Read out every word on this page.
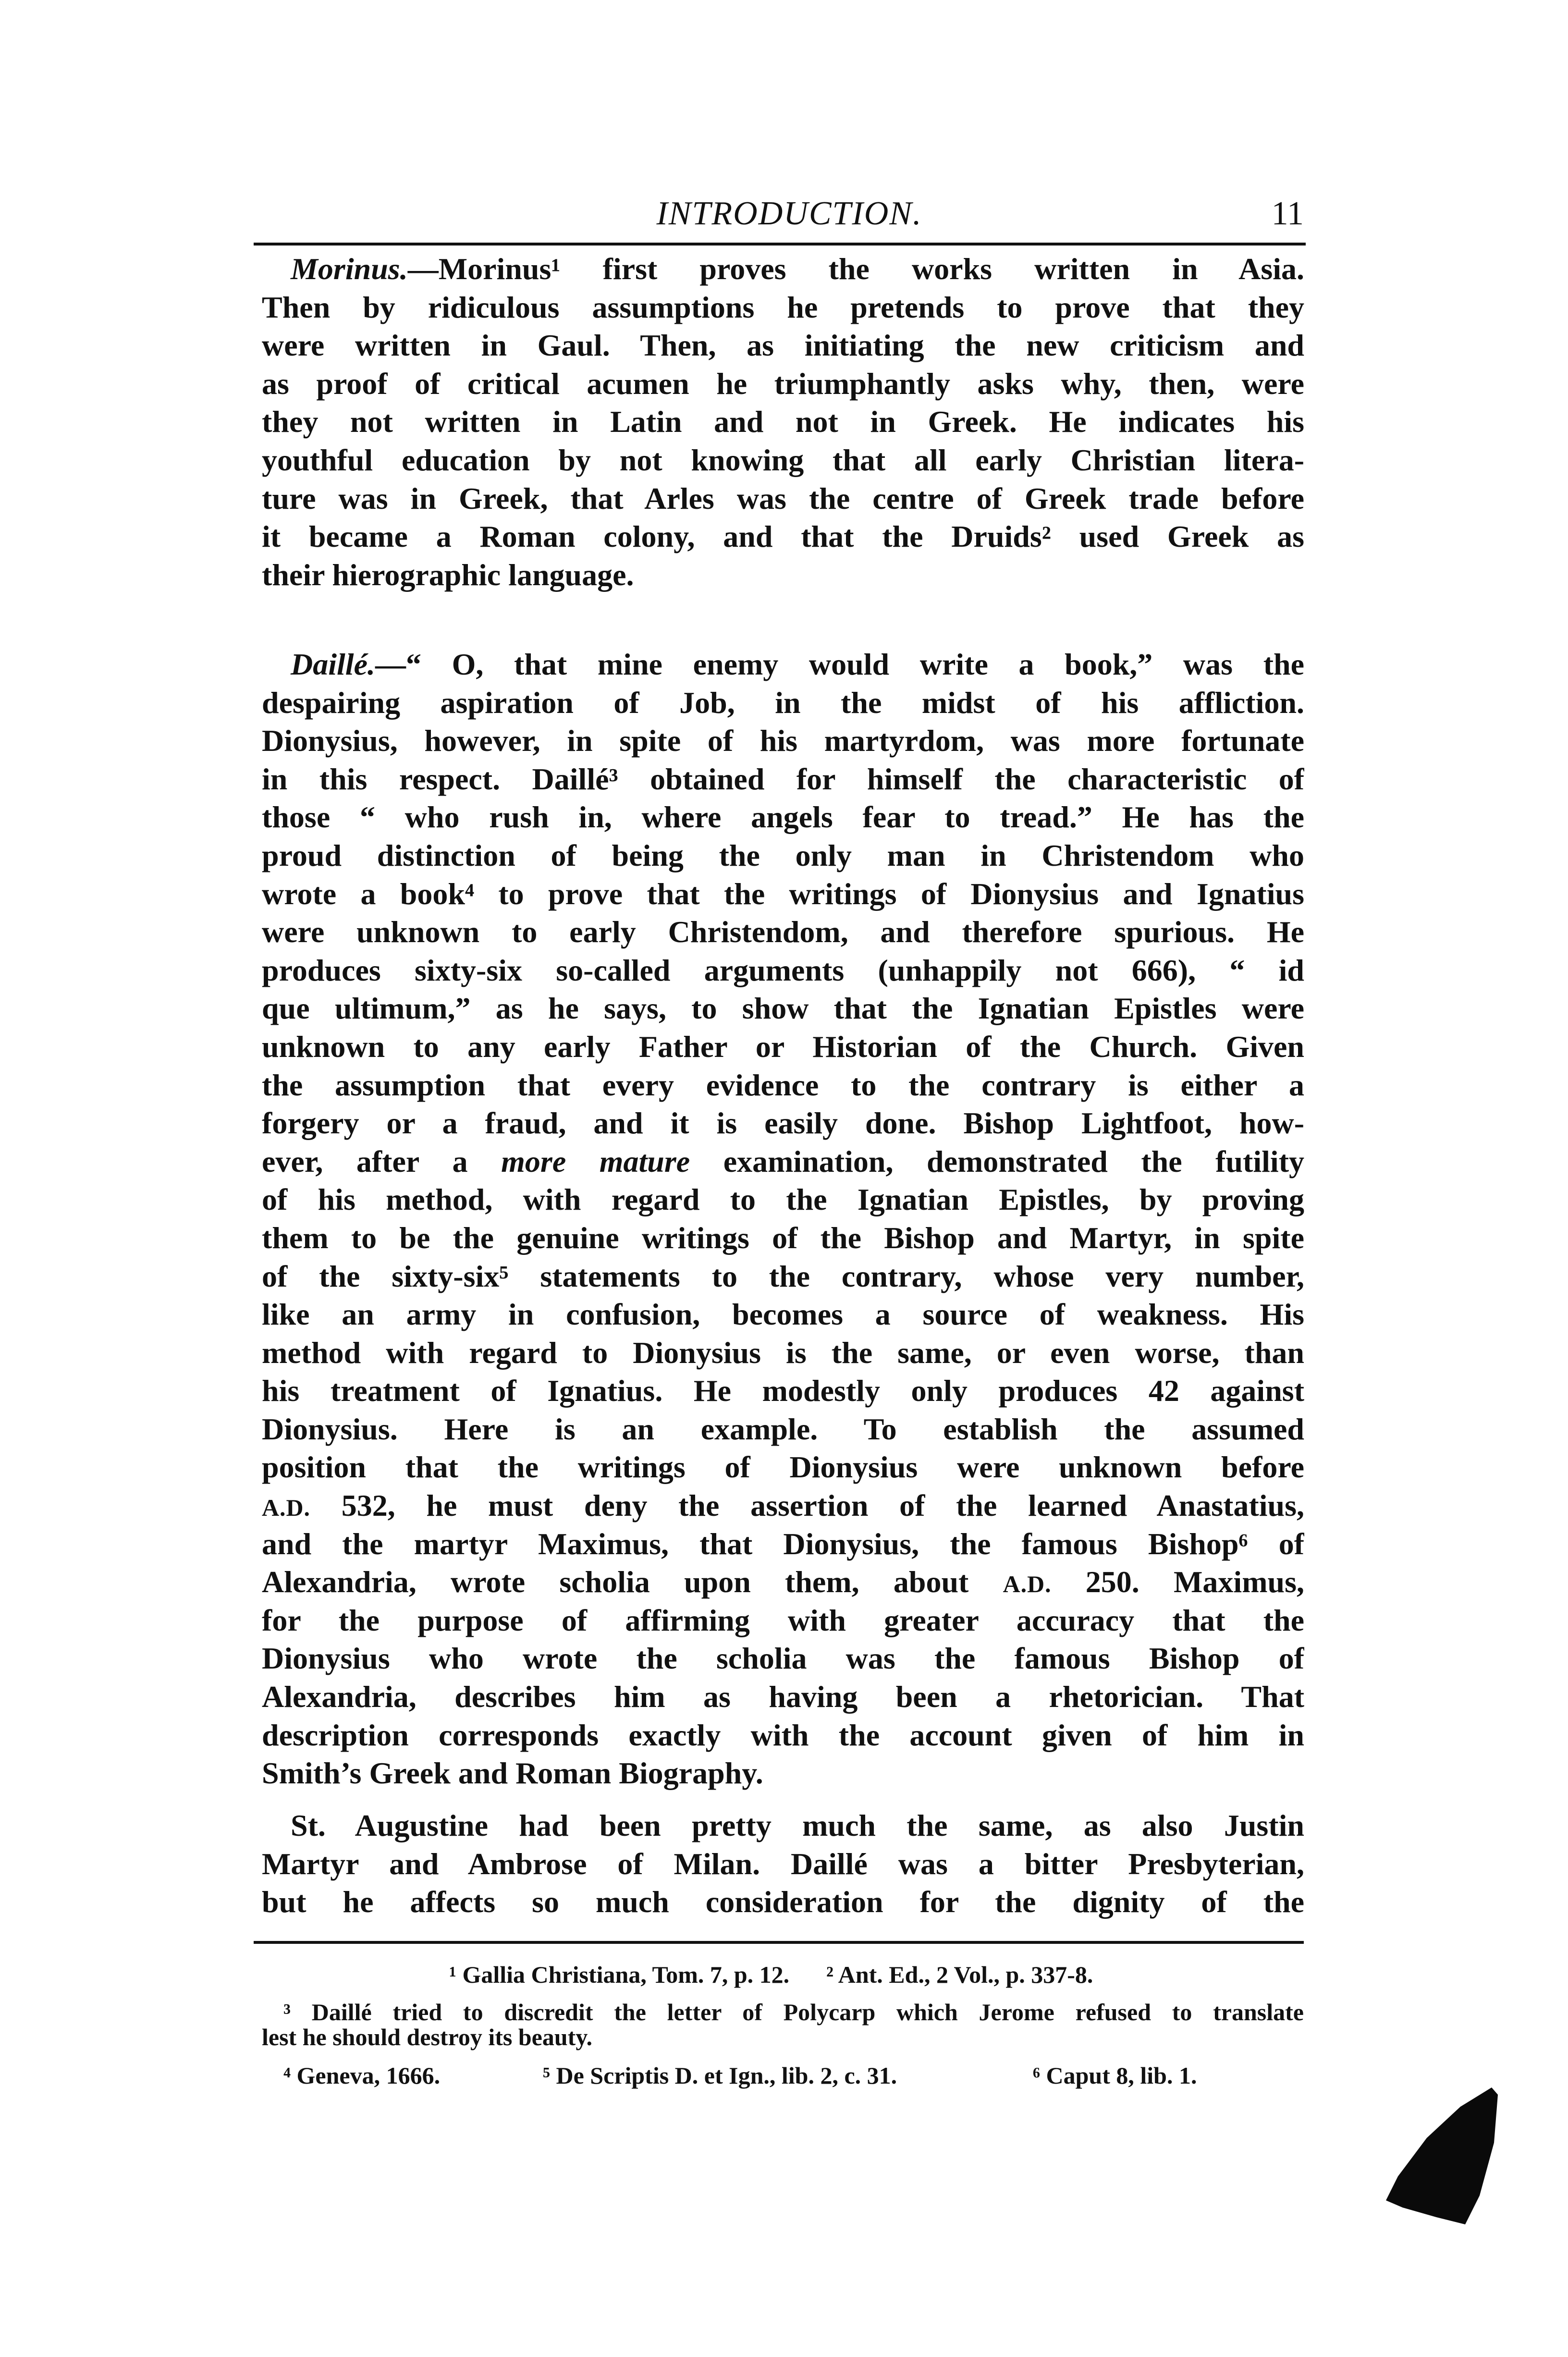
INTRODUCTION.	11
Morinus.—Morinus¹ first proves the works written in Asia.
Then by ridiculous assumptions he pretends to prove that they
were written in Gaul. Then, as initiating the new criticism and
as proof of critical acumen he triumphantly asks why, then, were
they not written in Latin and not in Greek. He indicates his
youthful education by not knowing that all early Christian litera-
ture was in Greek, that Arles was the centre of Greek trade before
it became a Roman colony, and that the Druids² used Greek as
their hierographic language.
Daillé.—“ O, that mine enemy would write a book,” was the
despairing aspiration of Job, in the midst of his affliction.
Dionysius, however, in spite of his martyrdom, was more fortunate
in this respect. Daillé³ obtained for himself the characteristic of
those “ who rush in, where angels fear to tread.” He has the
proud distinction of being the only man in Christendom who
wrote a book⁴ to prove that the writings of Dionysius and Ignatius
were unknown to early Christendom, and therefore spurious. He
produces sixty-six so-called arguments (unhappily not 666), “ id
que ultimum,” as he says, to show that the Ignatian Epistles were
unknown to any early Father or Historian of the Church. Given
the assumption that every evidence to the contrary is either a
forgery or a fraud, and it is easily done. Bishop Lightfoot, how-
ever, after a more mature examination, demonstrated the futility
of his method, with regard to the Ignatian Epistles, by proving
them to be the genuine writings of the Bishop and Martyr, in spite
of the sixty-six⁵ statements to the contrary, whose very number,
like an army in confusion, becomes a source of weakness. His
method with regard to Dionysius is the same, or even worse, than
his treatment of Ignatius. He modestly only produces 42 against
Dionysius. Here is an example. To establish the assumed
position that the writings of Dionysius were unknown before
A.D. 532, he must deny the assertion of the learned Anastatius,
and the martyr Maximus, that Dionysius, the famous Bishop⁶ of
Alexandria, wrote scholia upon them, about A.D. 250. Maximus,
for the purpose of affirming with greater accuracy that the
Dionysius who wrote the scholia was the famous Bishop of
Alexandria, describes him as having been a rhetorician. That
description corresponds exactly with the account given of him in
Smith’s Greek and Roman Biography.
St. Augustine had been pretty much the same, as also Justin
Martyr and Ambrose of Milan. Daillé was a bitter Presbyterian,
but he affects so much consideration for the dignity of the
¹ Gallia Christiana, Tom. 7, p. 12. ² Ant. Ed., 2 Vol., p. 337-8.
³ Daillé tried to discredit the letter of Polycarp which Jerome refused to translate
lest he should destroy its beauty.
⁴ Geneva, 1666.	⁵ De Scriptis D. et Ign., lib. 2, c. 31.	⁶ Caput 8, lib. 1.
